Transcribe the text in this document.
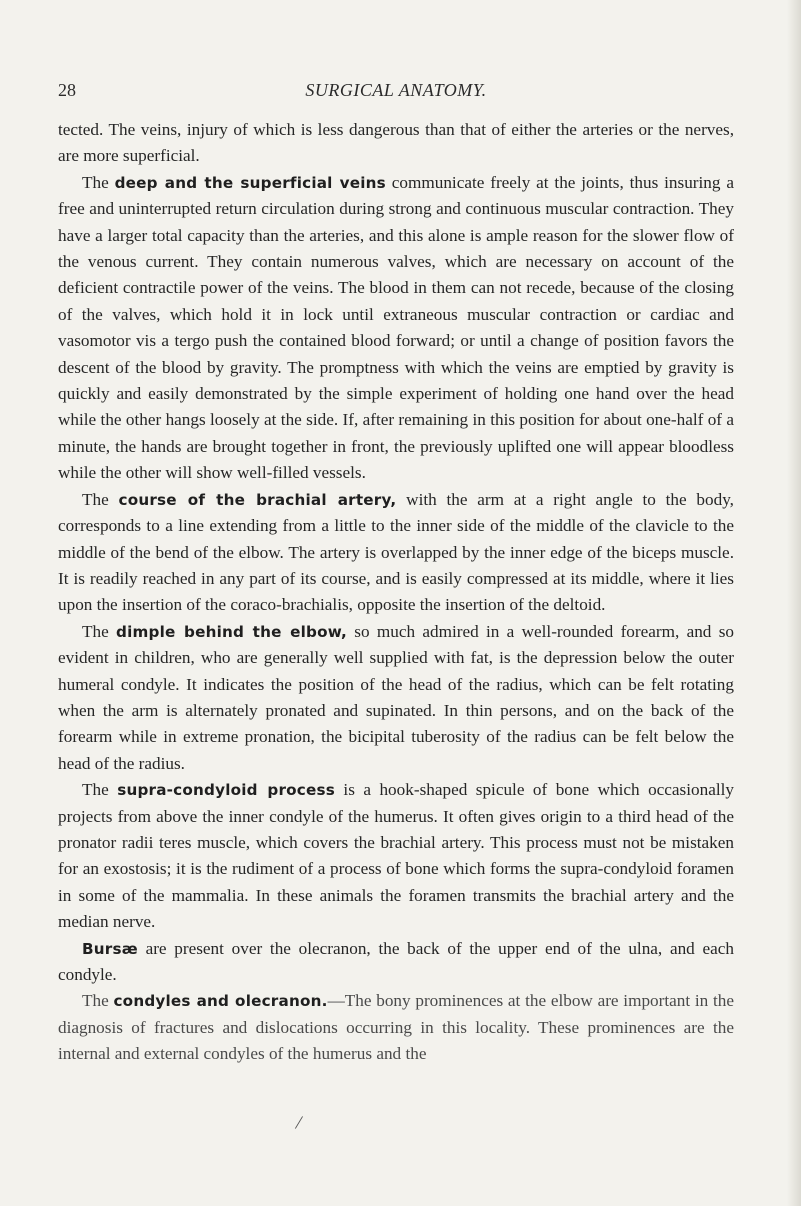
28	SURGICAL ANATOMY.

tected. The veins, injury of which is less dangerous than that of either the arteries or the nerves, are more superficial.

The deep and the superficial veins communicate freely at the joints, thus insuring a free and uninterrupted return circulation during strong and continuous muscular contraction. They have a larger total capacity than the arteries, and this alone is ample reason for the slower flow of the venous current. They contain numerous valves, which are necessary on account of the deficient contractile power of the veins. The blood in them can not recede, because of the closing of the valves, which hold it in lock until extraneous muscular contraction or cardiac and vasomotor vis a tergo push the contained blood forward; or until a change of position favors the descent of the blood by gravity. The promptness with which the veins are emptied by gravity is quickly and easily demonstrated by the simple experiment of holding one hand over the head while the other hangs loosely at the side. If, after remaining in this position for about one-half of a minute, the hands are brought together in front, the previously uplifted one will appear bloodless while the other will show well-filled vessels.

The course of the brachial artery, with the arm at a right angle to the body, corresponds to a line extending from a little to the inner side of the middle of the clavicle to the middle of the bend of the elbow. The artery is overlapped by the inner edge of the biceps muscle. It is readily reached in any part of its course, and is easily compressed at its middle, where it lies upon the insertion of the coraco-brachialis, opposite the insertion of the deltoid.

The dimple behind the elbow, so much admired in a well-rounded forearm, and so evident in children, who are generally well supplied with fat, is the depression below the outer humeral condyle. It indicates the position of the head of the radius, which can be felt rotating when the arm is alternately pronated and supinated. In thin persons, and on the back of the forearm while in extreme pronation, the bicipital tuberosity of the radius can be felt below the head of the radius.

The supra-condyloid process is a hook-shaped spicule of bone which occasionally projects from above the inner condyle of the humerus. It often gives origin to a third head of the pronator radii teres muscle, which covers the brachial artery. This process must not be mistaken for an exostosis; it is the rudiment of a process of bone which forms the supra-condyloid foramen in some of the mammalia. In these animals the foramen transmits the brachial artery and the median nerve.

Bursæ are present over the olecranon, the back of the upper end of the ulna, and each condyle.

The condyles and olecranon.—The bony prominences at the elbow are important in the diagnosis of fractures and dislocations occurring in this locality. These prominences are the internal and external condyles of the humerus and the

/
